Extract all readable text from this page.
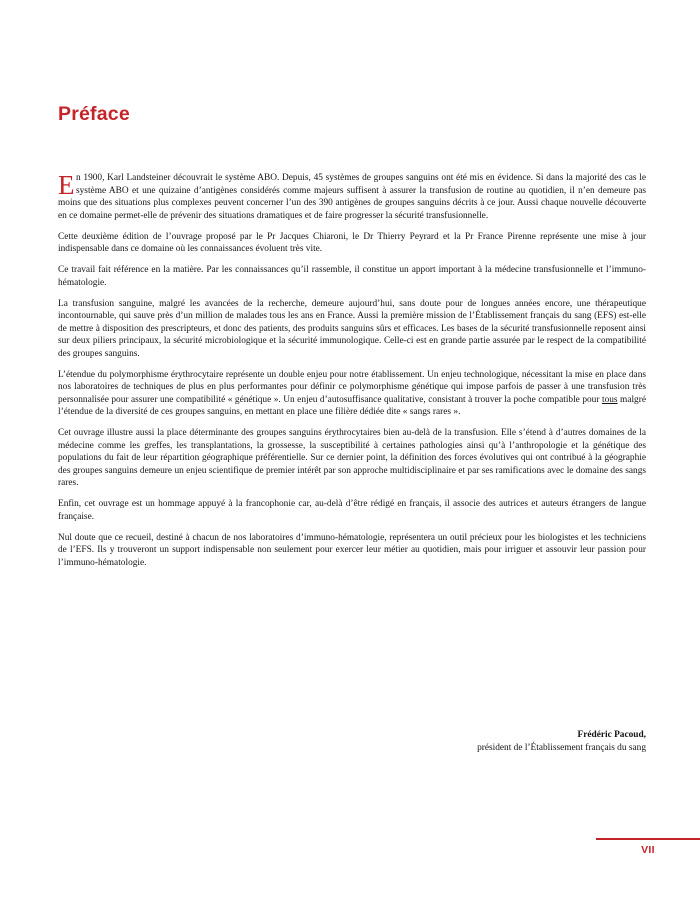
Préface

En 1900, Karl Landsteiner découvrait le système ABO. Depuis, 45 systèmes de groupes sanguins ont été mis en évidence. Si dans la majorité des cas le système ABO et une quizaine d’antigènes considérés comme majeurs suffisent à assurer la transfusion de routine au quotidien, il n’en demeure pas moins que des situations plus complexes peuvent concerner l’un des 390 antigènes de groupes sanguins décrits à ce jour. Aussi chaque nouvelle découverte en ce domaine permet-elle de prévenir des situations dramatiques et de faire progresser la sécurité transfusionnelle.

Cette deuxième édition de l’ouvrage proposé par le Pr Jacques Chiaroni, le Dr Thierry Peyrard et la Pr France Pirenne représente une mise à jour indispensable dans ce domaine où les connaissances évoluent très vite.

Ce travail fait référence en la matière. Par les connaissances qu’il rassemble, il constitue un apport important à la médecine transfusionnelle et l’immuno-hématologie.

La transfusion sanguine, malgré les avancées de la recherche, demeure aujourd’hui, sans doute pour de longues années encore, une thérapeutique incontournable, qui sauve près d’un million de malades tous les ans en France. Aussi la première mission de l’Établissement français du sang (EFS) est-elle de mettre à disposition des prescripteurs, et donc des patients, des produits sanguins sûrs et efficaces. Les bases de la sécurité transfusionnelle reposent ainsi sur deux piliers principaux, la sécurité microbiologique et la sécurité immunologique. Celle-ci est en grande partie assurée par le respect de la compatibilité des groupes sanguins.

L’étendue du polymorphisme érythrocytaire représente un double enjeu pour notre établissement. Un enjeu technologique, nécessitant la mise en place dans nos laboratoires de techniques de plus en plus performantes pour définir ce polymorphisme génétique qui impose parfois de passer à une transfusion très personnalisée pour assurer une compatibilité « génétique ». Un enjeu d’autosuffisance qualitative, consistant à trouver la poche compatible pour tous malgré l’étendue de la diversité de ces groupes sanguins, en mettant en place une filière dédiée dite « sangs rares ».

Cet ouvrage illustre aussi la place déterminante des groupes sanguins érythrocytaires bien au-delà de la transfusion. Elle s’étend à d’autres domaines de la médecine comme les greffes, les transplantations, la grossesse, la susceptibilité à certaines pathologies ainsi qu’à l’anthropologie et la génétique des populations du fait de leur répartition géographique préférentielle. Sur ce dernier point, la définition des forces évolutives qui ont contribué à la géographie des groupes sanguins demeure un enjeu scientifique de premier intérêt par son approche multidisciplinaire et par ses ramifications avec le domaine des sangs rares.

Enfin, cet ouvrage est un hommage appuyé à la francophonie car, au-delà d’être rédigé en français, il associe des autrices et auteurs étrangers de langue française.

Nul doute que ce recueil, destiné à chacun de nos laboratoires d’immuno-hématologie, représentera un outil précieux pour les biologistes et les techniciens de l’EFS. Ils y trouveront un support indispensable non seulement pour exercer leur métier au quotidien, mais pour irriguer et assouvir leur passion pour l’immuno-hématologie.

Frédéric Pacoud,
président de l’Établissement français du sang
VII
